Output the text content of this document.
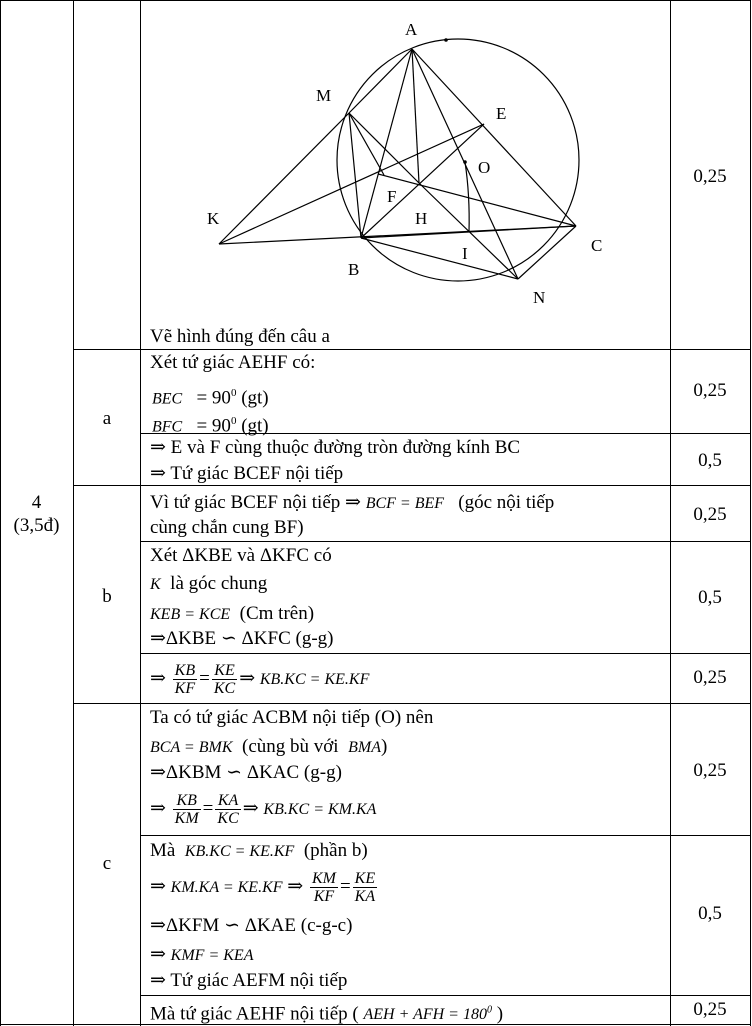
4
(3,5đ)
A
M
E
O
K
F
H
B
I	C
N
Vẽ hình đúng đến câu a
0,25
a
Xét tứ giác AEHF có:
BEC   = $90^0$ (gt)
BFC   = $90^0$ (gt)
0,25
⇒ E và F cùng thuộc đường tròn đường kính BC
⇒ Tứ giác BCEF nội tiếp
0,5
b
Vì tứ giác BCEF nội tiếp ⇒ BCF = BEF   (góc nội tiếp
cùng chắn cung BF)
0,25
Xét ΔKBE và ΔKFC có
K  là góc chung
KEB = KCE  (Cm trên)
⇒ΔKBE ∽ ΔKFC (g-g)
0,5
⇒ $\frac{KB}{KF} = \frac{KE}{KC}$ ⇒ KB.KC = KE.KF	0,25
c
Ta có tứ giác ACBM nội tiếp (O) nên
BCA = BMK  (cùng bù với  BMA)
⇒ΔKBM ∽ ΔKAC (g-g)
⇒ $\frac{KB}{KM} = \frac{KA}{KC}$ ⇒ KB.KC = KM.KA
0,25
Mà  KB.KC = KE.KF  (phần b)
⇒ KM.KA = KE.KF ⇒ $\frac{KM}{KF} = \frac{KE}{KA}$
⇒ΔKFM ∽ ΔKAE (c-g-c)
⇒ KMF = KEA
⇒ Tứ giác AEFM nội tiếp
0,5
Mà tứ giác AEHF nội tiếp ( AEH + AFH = $180^0$ )	0,25
